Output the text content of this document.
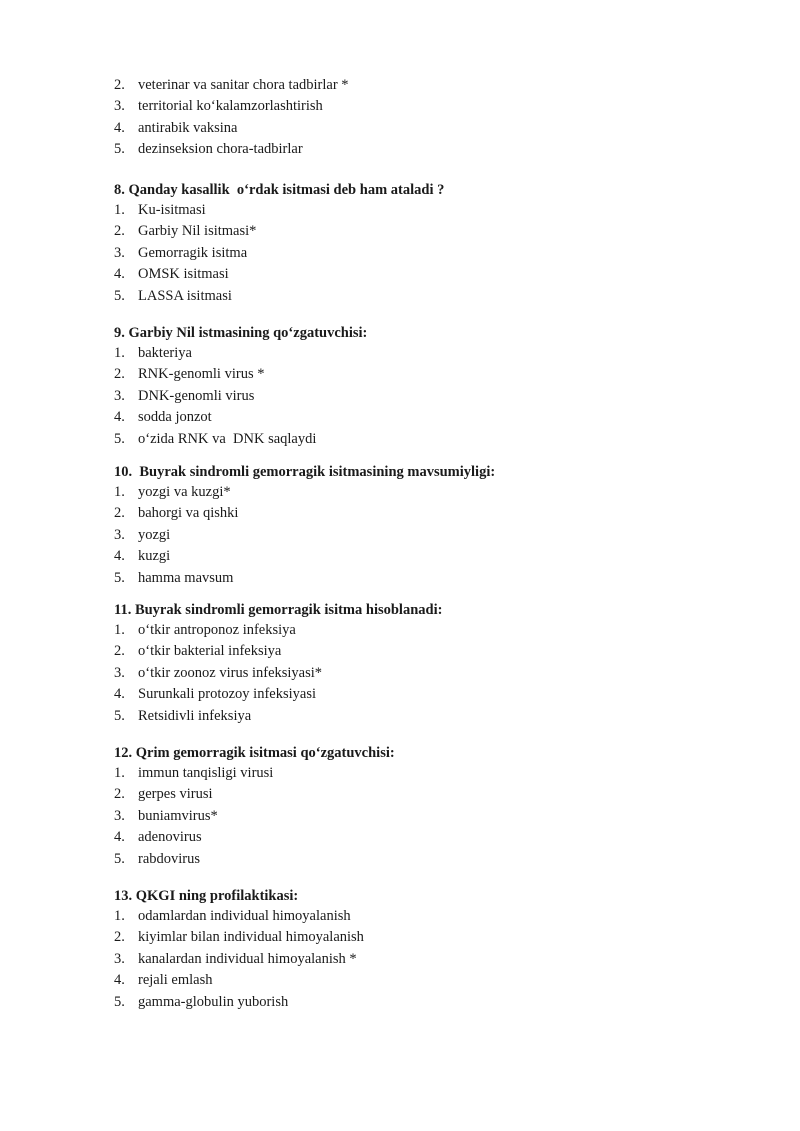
2. veterinar va sanitar chora tadbirlar *
3. territorial koʻkalamzorlashtirish
4. antirabik vaksina
5. dezinseksion chora-tadbirlar
8. Qanday kasallik  oʻrdak isitmasi deb ham ataladi ?
1. Ku-isitmasi
2. Garbiy Nil isitmasi*
3. Gemorragik isitma
4. OMSK isitmasi
5. LASSA isitmasi
9. Garbiy Nil istmasining qoʻzgatuvchisi:
1. bakteriya
2. RNK-genomli virus *
3. DNK-genomli virus
4. sodda jonzot
5. oʻzida RNK va  DNK saqlaydi
10.  Buyrak sindromli gemorragik isitmasining mavsumiyligi:
1. yozgi va kuzgi*
2. bahorgi va qishki
3. yozgi
4. kuzgi
5. hamma mavsum
11. Buyrak sindromli gemorragik isitma hisoblanadi:
1. oʻtkir antroponoz infeksiya
2. oʻtkir bakterial infeksiya
3. oʻtkir zoonoz virus infeksiyasi*
4. Surunkali protozoy infeksiyasi
5. Retsidivli infeksiya
12. Qrim gemorragik isitmasi qoʻzgatuvchisi:
1. immun tanqisligi virusi
2. gerpes virusi
3. buniamvirus*
4. adenovirus
5. rabdovirus
13. QKGI ning profilaktikasi:
1. odamlardan individual himoyalanish
2. kiyimlar bilan individual himoyalanish
3. kanalardan individual himoyalanish *
4. rejali emlash
5. gamma-globulin yuborish
